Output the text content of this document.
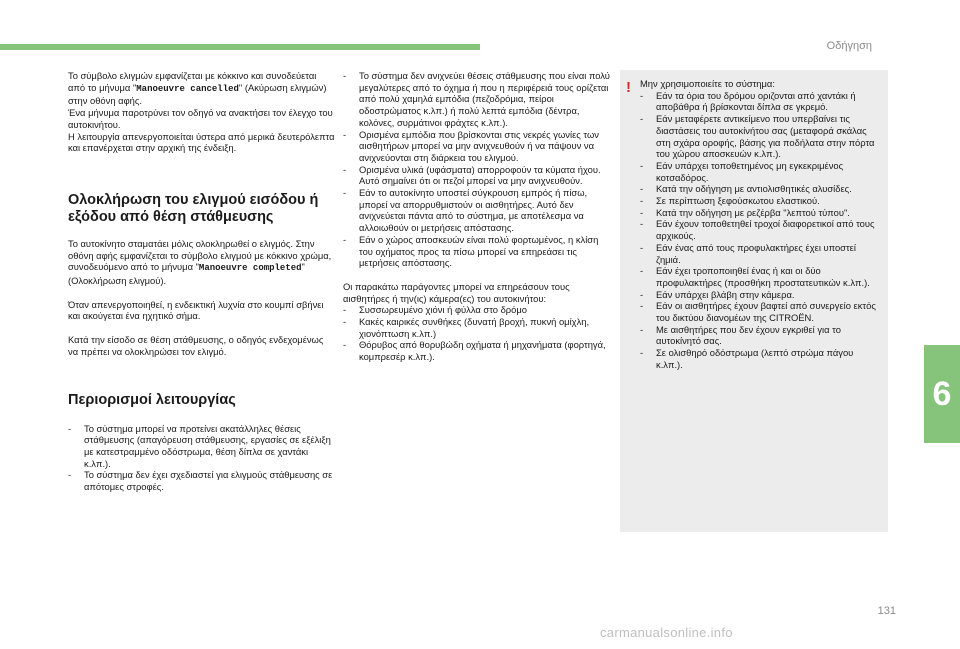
Οδήγηση

Το σύμβολο ελιγμών εμφανίζεται με κόκκινο και συνοδεύεται από το μήνυμα "Manoeuvre cancelled" (Ακύρωση ελιγμών) στην οθόνη αφής.

Ένα μήνυμα παροτρύνει τον οδηγό να ανακτήσει τον έλεγχο του αυτοκινήτου.

Η λειτουργία απενεργοποιείται ύστερα από μερικά δευτερόλεπτα και επανέρχεται στην αρχική της ένδειξη.

Ολοκλήρωση του ελιγμού εισόδου ή εξόδου από θέση στάθμευσης

Το αυτοκίνητο σταματάει μόλις ολοκληρωθεί ο ελιγμός. Στην οθόνη αφής εμφανίζεται το σύμβολο ελιγμού με κόκκινο χρώμα, συνοδευόμενο από το μήνυμα "Manoeuvre completed" (Ολοκλήρωση ελιγμού).

Όταν απενεργοποιηθεί, η ενδεικτική λυχνία στο κουμπί σβήνει και ακούγεται ένα ηχητικό σήμα.

Κατά την είσοδο σε θέση στάθμευσης, ο οδηγός ενδεχομένως να πρέπει να ολοκληρώσει τον ελιγμό.

Περιορισμοί λειτουργίας
- Το σύστημα μπορεί να προτείνει ακατάλληλες θέσεις στάθμευσης (απαγόρευση στάθμευσης, εργασίες σε εξέλιξη με κατεστραμμένο οδόστρωμα, θέση δίπλα σε χαντάκι κ.λπ.).
- Το σύστημα δεν έχει σχεδιαστεί για ελιγμούς στάθμευσης σε απότομες στροφές.
- Το σύστημα δεν ανιχνεύει θέσεις στάθμευσης που είναι πολύ μεγαλύτερες από το όχημα ή που η περιφέρειά τους ορίζεται από πολύ χαμηλά εμπόδια (πεζοδρόμια, πείροι οδοστρώματος κ.λπ.) ή πολύ λεπτά εμπόδια (δέντρα, κολόνες, συρμάτινοι φράχτες κ.λπ.).
- Ορισμένα εμπόδια που βρίσκονται στις νεκρές γωνίες των αισθητήρων μπορεί να μην ανιχνευθούν ή να πάψουν να ανιχνεύονται στη διάρκεια του ελιγμού.
- Ορισμένα υλικά (υφάσματα) απορροφούν τα κύματα ήχου. Αυτό σημαίνει ότι οι πεζοί μπορεί να μην ανιχνευθούν.
- Εάν το αυτοκίνητο υποστεί σύγκρουση εμπρός ή πίσω, μπορεί να απορρυθμιστούν οι αισθητήρες. Αυτό δεν ανιχνεύεται πάντα από το σύστημα, με αποτέλεσμα να αλλοιωθούν οι μετρήσεις απόστασης.
- Εάν ο χώρος αποσκευών είναι πολύ φορτωμένος, η κλίση του οχήματος προς τα πίσω μπορεί να επηρεάσει τις μετρήσεις απόστασης.

Οι παρακάτω παράγοντες μπορεί να επηρεάσουν τους αισθητήρες ή την(ις) κάμερα(ες) του αυτοκινήτου:

- Συσσωρευμένο χιόνι ή φύλλα στο δρόμο
- Κακές καιρικές συνθήκες (δυνατή βροχή, πυκνή ομίχλη, χιονόπτωση κ.λπ.)
- Θόρυβος από θορυβώδη οχήματα ή μηχανήματα (φορτηγά, κομπρεσέρ κ.λπ.).
! Μην χρησιμοποιείτε το σύστημα:

- Εάν τα όρια του δρόμου οριζονται από χαντάκι ή αποβάθρα ή βρίσκονται δίπλα σε γκρεμό.
- Εάν μεταφέρετε αντικείμενο που υπερβαίνει τις διαστάσεις του αυτοκίνήτου σας (μεταφορά σκάλας στη σχάρα οροφής, βάσης για ποδήλατα στην πόρτα του χώρου αποσκευών κ.λπ.).
- Εάν υπάρχει τοποθετημένος μη εγκεκριμένος κοτσαδόρος.
- Κατά την οδήγηση με αντιολισθητικές αλυσίδες.
- Σε περίπτωση ξεφούσκωτου ελαστικού.
- Κατά την οδήγηση με ρεζέρβα "λεπτού τύπου".
- Εάν έχουν τοποθετηθεί τροχοί διαφορετικοί από τους αρχικούς.
- Εάν ένας από τους προφυλακτήρες έχει υποστεί ζημιά.
- Εάν έχει τροποποιηθεί ένας ή και οι δύο προφυλακτήρες (προσθήκη προστατευτικών κ.λπ.).
- Εάν υπάρχει βλάβη στην κάμερα.
- Εάν οι αισθητήρες έχουν βαφτεί από συνεργείο εκτός του δικτύου διανομέων της CITROËN.
- Με αισθητήρες που δεν έχουν εγκριθεί για το αυτοκίνητό σας.
- Σε ολισθηρό οδόστρωμα (λεπτό στρώμα πάγου κ.λπ.).
6
131
carmanualsonline.info
